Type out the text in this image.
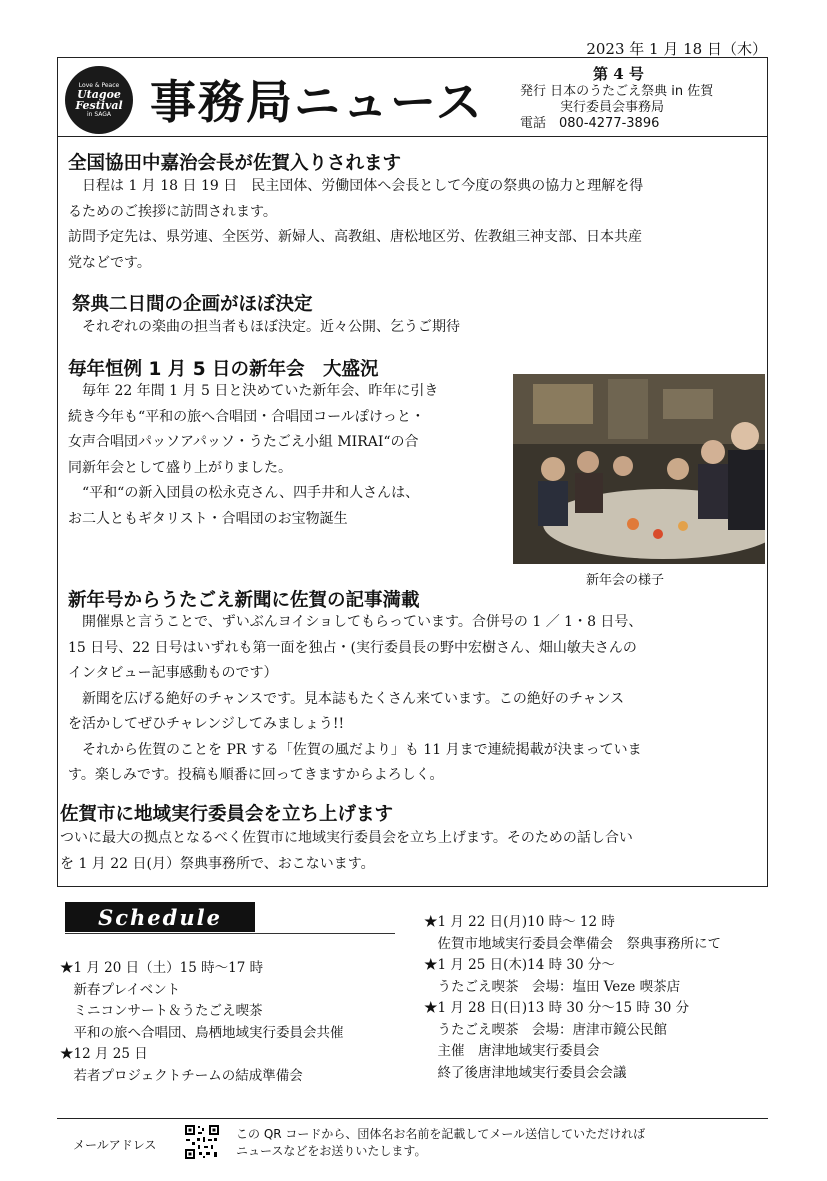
2023 年 1 月 18 日（木）
Love & Peace
Utagoe Festival
in SAGA 事務局ニュース
第 4 号
発行 日本のうたごえ祭典 in 佐賀
実行委員会事務局
電話　080-4277-3896
全国協田中嘉治会長が佐賀入りされます
　日程は 1 月 18 日 19 日　民主団体、労働団体へ会長として今度の祭典の協力と理解を得
るためのご挨拶に訪問されます。
訪問予定先は、県労連、全医労、新婦人、高教組、唐松地区労、佐教組三神支部、日本共産
党などです。
祭典二日間の企画がほぼ決定
　それぞれの楽曲の担当者もほぼ決定。近々公開、乞うご期待
毎年恒例 1 月 5 日の新年会　大盛況
　毎年 22 年間 1 月 5 日と決めていた新年会、昨年に引き
続き今年も“平和の旅へ合唱団・合唱団コールぽけっと・
女声合唱団パッソアパッソ・うたごえ小組 MIRAI“の合
同新年会として盛り上がりました。
　“平和“の新入団員の松永克さん、四手井和人さんは、
お二人ともギタリスト・合唱団のお宝物誕生
新年会の様子
新年号からうたごえ新聞に佐賀の記事満載
　開催県と言うことで、ずいぶんヨイショしてもらっています。合併号の 1 ／ 1・8 日号、
15 日号、22 日号はいずれも第一面を独占・(実行委員長の野中宏樹さん、畑山敏夫さんの
インタビュー記事感動ものです）
　新聞を広げる絶好のチャンスです。見本誌もたくさん来ています。この絶好のチャンス
を活かしてぜひチャレンジしてみましょう!!
　それから佐賀のことを PR する「佐賀の風だより」も 11 月まで連続掲載が決まっていま
す。楽しみです。投稿も順番に回ってきますからよろしく。
佐賀市に地域実行委員会を立ち上げます
ついに最大の拠点となるべく佐賀市に地域実行委員会を立ち上げます。そのための話し合い
を 1 月 22 日(月）祭典事務所で、おこないます。
Schedule
★1 月 20 日（土）15 時～17 時
　新春プレイベント
　ミニコンサート＆うたごえ喫茶
　平和の旅へ合唱団、鳥栖地域実行委員会共催
★12 月 25 日
　若者プロジェクトチームの結成準備会
★1 月 22 日(月)10 時～ 12 時
　佐賀市地域実行委員会準備会　祭典事務所にて
★1 月 25 日(木)14 時 30 分～
　うたごえ喫茶　会場：塩田 Veze 喫茶店
★1 月 28 日(日)13 時 30 分～15 時 30 分
　うたごえ喫茶　会場：唐津市鏡公民館
　主催　唐津地域実行委員会
　終了後唐津地域実行委員会会議
メールアドレス
この QR コードから、団体名お名前を記載してメール送信していただければ
ニュースなどをお送りいたします。
